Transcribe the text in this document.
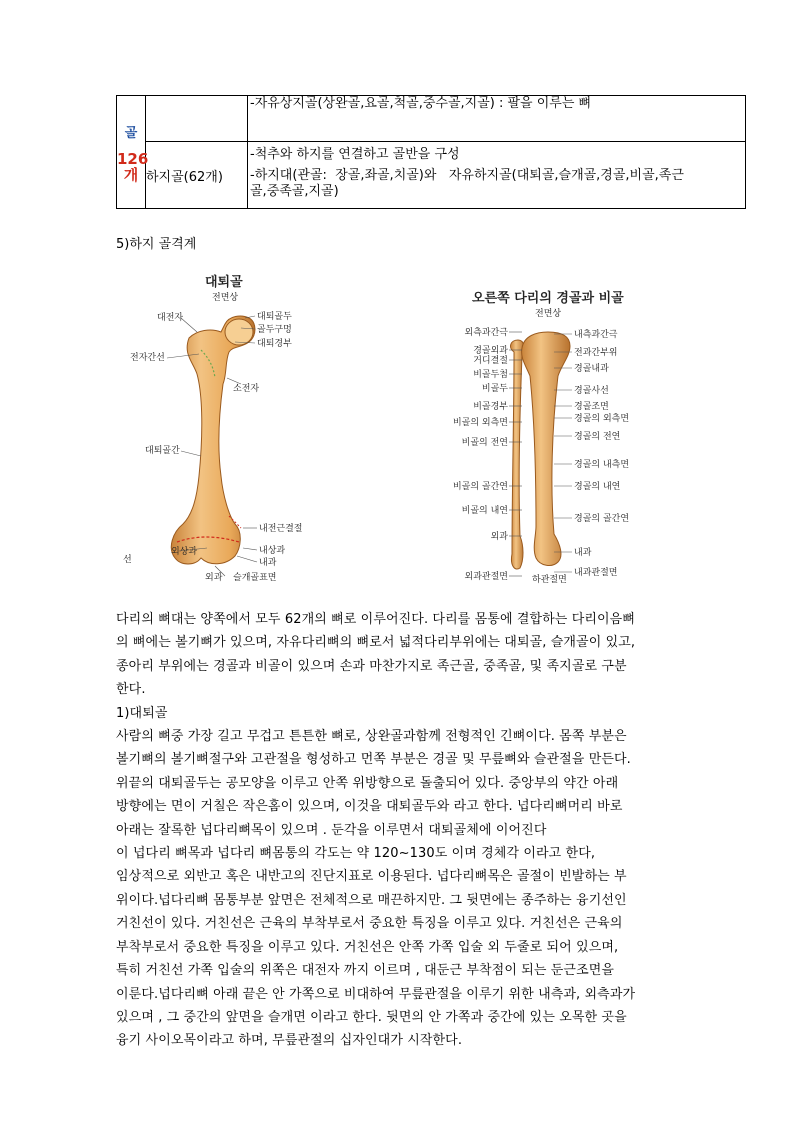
골
126
개		-자유상지골(상완골,요골,척골,중수골,지골) : 팔을 이루는 뼈

	하지골(62개)	-척추와 하지를 연결하고 골반을 구성
-하지대(관골:  장골,좌골,치골)와   자유하지골(대퇴골,슬개골,경골,비골,족근
골,중족골,지골)
5)하지 골격계
대퇴골
전면상
대전자	대퇴골두
골두구멍
대퇴경부
전자간선
소전자
대퇴골간
내전근결절
외상과	내상과
내과
외과 슬개골표면
선
오른쪽 다리의 경골과 비골
전면상
외측과간극
경골외과
거디결절
비골두첨
비골두
비골경부
비골의 외측면
비골의 전연
비골의 골간연
비골의 내연
외과
외과관절면
내측과간극
전과간부위
경골내과
경골사선
경골조면
경골의 외측면
경골의 전연
경골의 내측면
경골의 내연
경골의 골간연
내과
내과관절면
하관절면
다리의 뼈대는 양쪽에서 모두 62개의 뼈로 이루어진다. 다리를 몸통에 결합하는 다리이음뼈
의 뼈에는 볼기뼈가 있으며, 자유다리뼈의 뼈로서 넓적다리부위에는 대퇴골, 슬개골이 있고,
종아리 부위에는 경골과 비골이 있으며 손과 마찬가지로 족근골, 중족골, 및 족지골로 구분
한다.
1)대퇴골
사람의 뼈중 가장 길고 무겁고 튼튼한 뼈로, 상완골과함께 전형적인 긴뼈이다. 몸쪽 부분은
볼기뼈의 볼기뼈절구와 고관절을 형성하고 먼쪽 부분은 경골 및 무릎뼈와 슬관절을 만든다.
위끝의 대퇴골두는 공모양을 이루고 안쪽 위방향으로 돌출되어 있다. 중앙부의 약간 아래
방향에는 면이 거칠은 작은홈이 있으며, 이것을 대퇴골두와 라고 한다. 넙다리뼈머리 바로
아래는 잘록한 넙다리뼈목이 있으며 . 둔각을 이루면서 대퇴골체에 이어진다
이 넙다리 뼈목과 넙다리 뼈몸통의 각도는 약 120~130도 이며 경체각 이라고 한다,
임상적으로 외반고 혹은 내반고의 진단지표로 이용된다. 넙다리뼈목은 골절이 빈발하는 부
위이다.넙다리뼈 몸통부분 앞면은 전체적으로 매끈하지만. 그 뒷면에는 종주하는 융기선인
거친선이 있다. 거친선은 근육의 부착부로서 중요한 특징을 이루고 있다. 거친선은 근육의
부착부로서 중요한 특징을 이루고 있다. 거친선은 안쪽 가쪽 입술 외 두줄로 되어 있으며,
특히 거친선 가쪽 입술의 위쪽은 대전자 까지 이르며 , 대둔근 부착점이 되는 둔근조면을
이룬다.넙다리뼈 아래 끝은 안 가쪽으로 비대하여 무릎관절을 이루기 위한 내측과, 외측과가
있으며 , 그 중간의 앞면을 슬개면 이라고 한다. 뒷면의 안 가쪽과 중간에 있는 오목한 곳을
융기 사이오목이라고 하며, 무릎관절의 십자인대가 시작한다.
